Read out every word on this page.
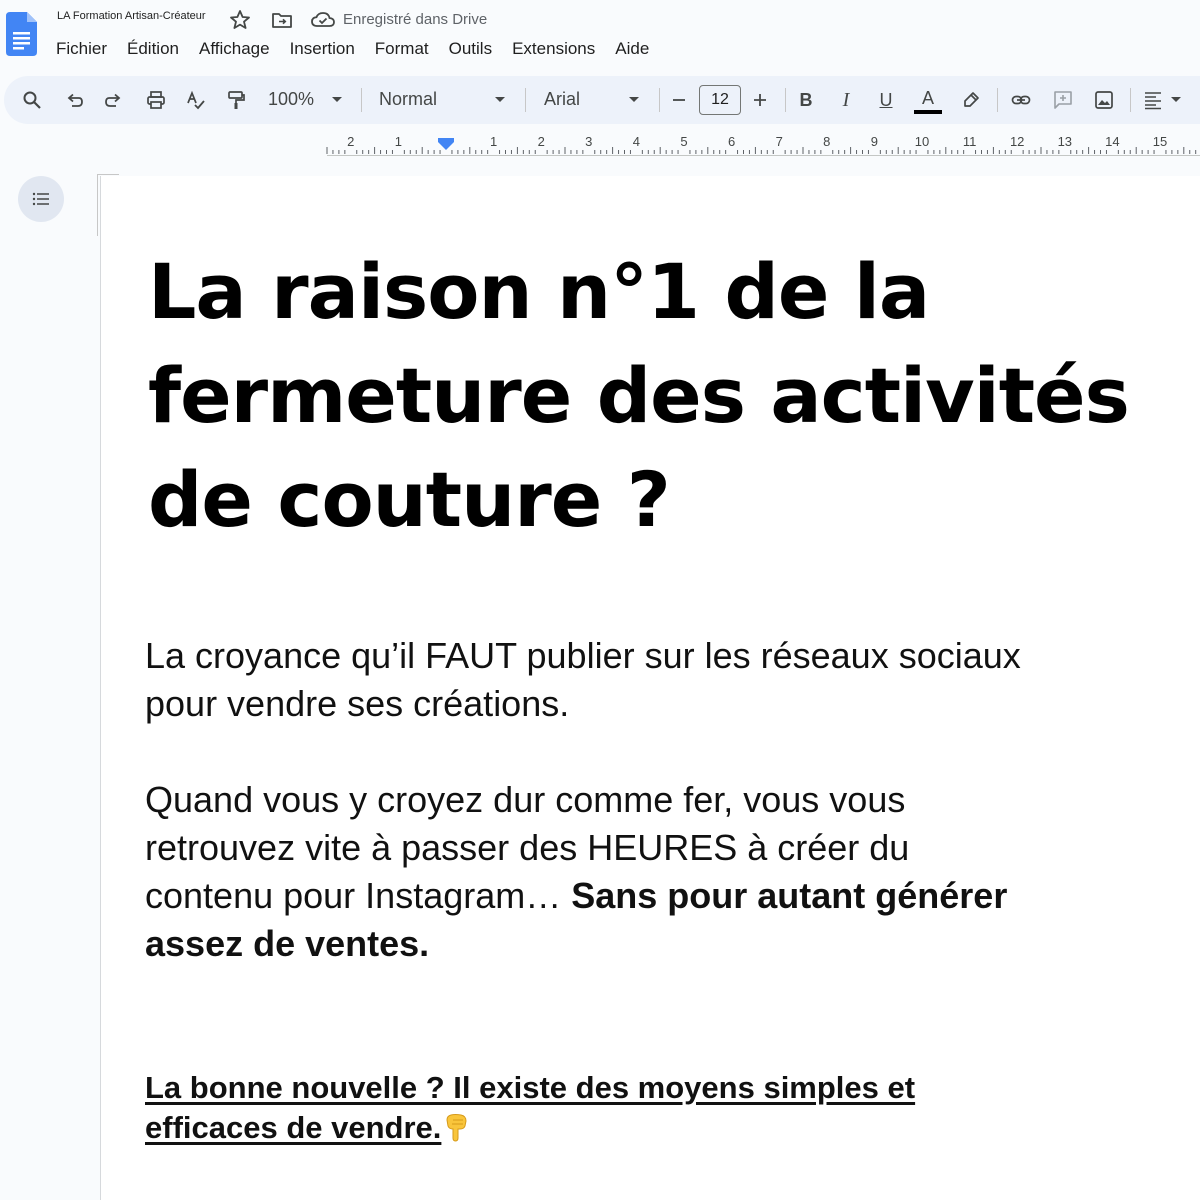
LA Formation Artisan-Créateur	Enregistré dans Drive
Fichier	Édition	Affichage	Insertion	Format	Outils	Extensions	Aide
100%	Normal	Arial	12	B I U A
2	1	1	2	3	4	5	6	7	8	9	10	11	12	13	14	15
La raison n°1 de la fermeture des activités de couture ?

La croyance qu’il FAUT publier sur les réseaux sociaux pour vendre ses créations.

Quand vous y croyez dur comme fer, vous vous retrouvez vite à passer des HEURES à créer du contenu pour Instagram… Sans pour autant générer assez de ventes.

La bonne nouvelle ? Il existe des moyens simples et efficaces de vendre.
